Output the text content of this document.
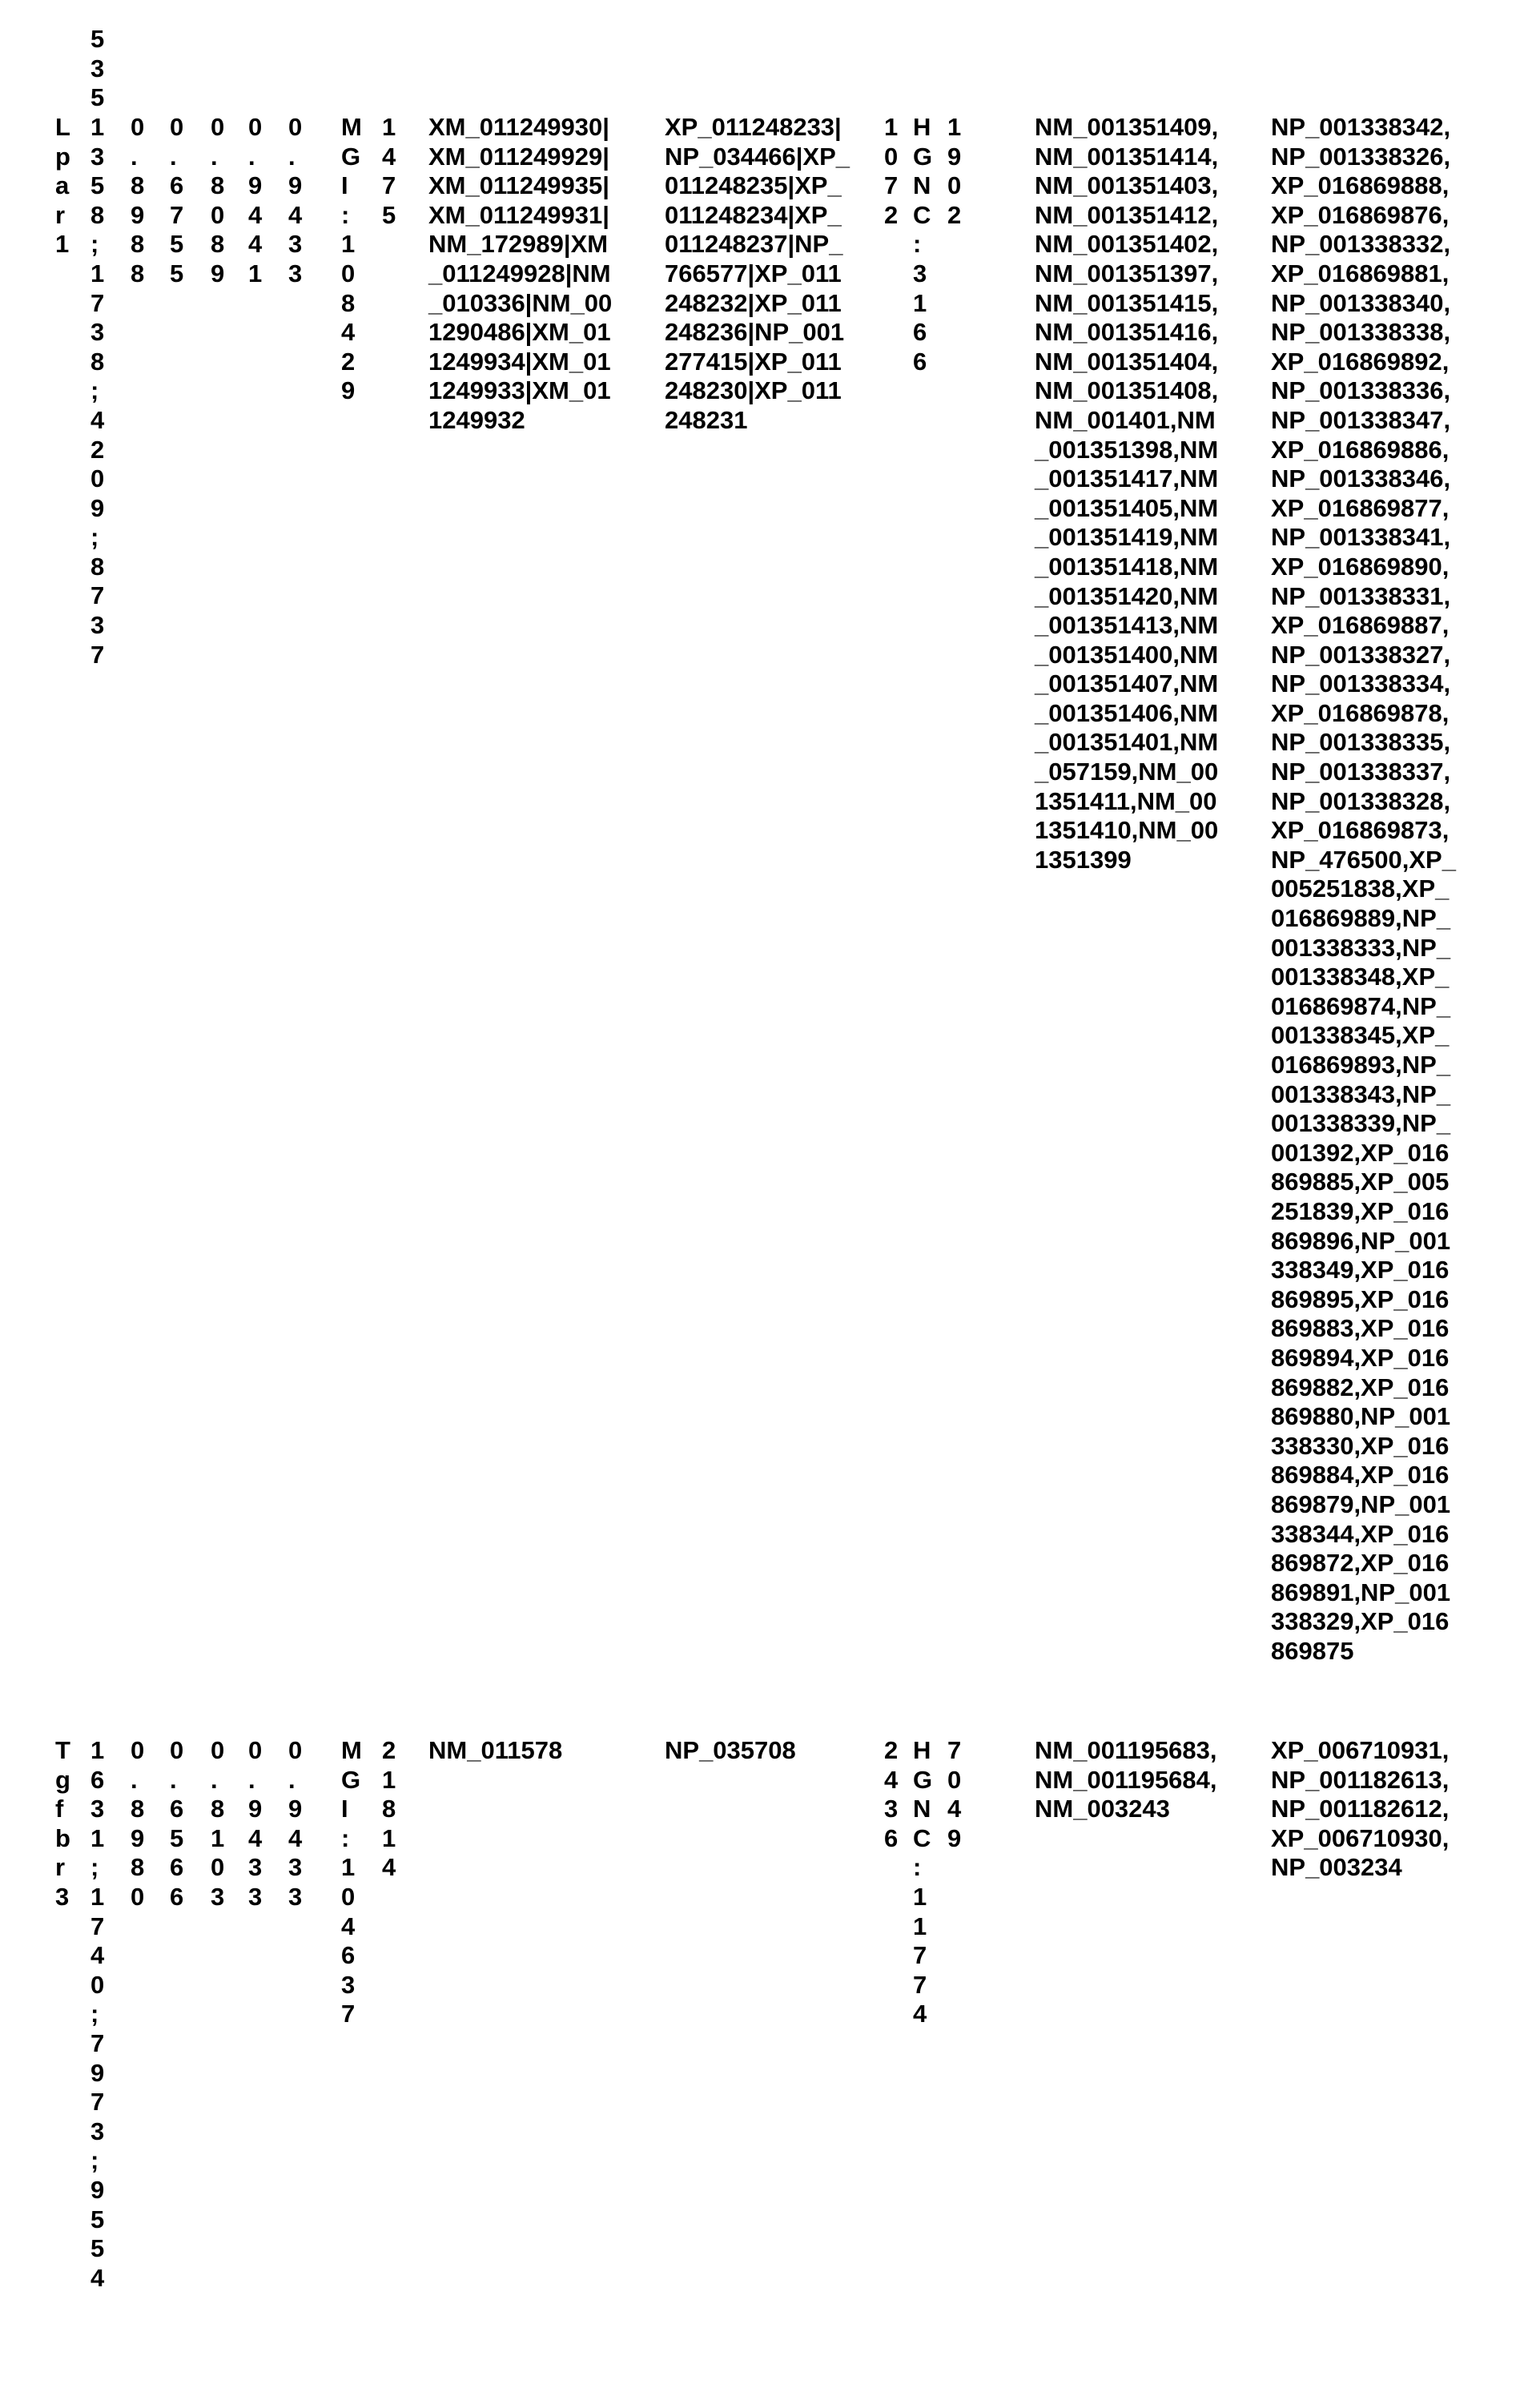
L
p
a
r
1
5
3
5
1
3
5
8
;
1
7
3
8
;
4
2
0
9
;
8
7
3
7
0
.
8
9
8
8
0
.
6
7
5
5
0
.
8
0
8
9
0
.
9
4
4
1
0
.
9
4
3
3
M
G
I
:
1
0
8
4
2
9
1
4
7
5
XM_011249930|
XM_011249929|
XM_011249935|
XM_011249931|
NM_172989|XM
_011249928|NM
_010336|NM_00
1290486|XM_01
1249934|XM_01
1249933|XM_01
1249932
XP_011248233|
NP_034466|XP_
011248235|XP_
011248234|XP_
011248237|NP_
766577|XP_011
248232|XP_011
248236|NP_001
277415|XP_011
248230|XP_011
248231
1
0
7
2
H
G
N
C
:
3
1
6
6
1
9
0
2
NM_001351409,
NM_001351414,
NM_001351403,
NM_001351412,
NM_001351402,
NM_001351397,
NM_001351415,
NM_001351416,
NM_001351404,
NM_001351408,
NM_001401,NM
_001351398,NM
_001351417,NM
_001351405,NM
_001351419,NM
_001351418,NM
_001351420,NM
_001351413,NM
_001351400,NM
_001351407,NM
_001351406,NM
_001351401,NM
_057159,NM_00
1351411,NM_00
1351410,NM_00
1351399
NP_001338342,
NP_001338326,
XP_016869888,
XP_016869876,
NP_001338332,
XP_016869881,
NP_001338340,
NP_001338338,
XP_016869892,
NP_001338336,
NP_001338347,
XP_016869886,
NP_001338346,
XP_016869877,
NP_001338341,
XP_016869890,
NP_001338331,
XP_016869887,
NP_001338327,
NP_001338334,
XP_016869878,
NP_001338335,
NP_001338337,
NP_001338328,
XP_016869873,
NP_476500,XP_
005251838,XP_
016869889,NP_
001338333,NP_
001338348,XP_
016869874,NP_
001338345,XP_
016869893,NP_
001338343,NP_
001338339,NP_
001392,XP_016
869885,XP_005
251839,XP_016
869896,NP_001
338349,XP_016
869895,XP_016
869883,XP_016
869894,XP_016
869882,XP_016
869880,NP_001
338330,XP_016
869884,XP_016
869879,NP_001
338344,XP_016
869872,XP_016
869891,NP_001
338329,XP_016
869875
T
g
f
b
r
3
1
6
3
1
;
1
7
4
0
;
7
9
7
3
;
9
5
5
4
0
.
8
9
8
0
0
.
6
5
6
6
0
.
8
1
0
3
0
.
9
4
3
3
0
.
9
4
3
3
M
G
I
:
1
0
4
6
3
7
2
1
8
1
4
NM_011578	NP_035708	2
4
3
6
H
G
N
C
:
1
1
7
7
4
7
0
4
9
NM_001195683,
NM_001195684,
NM_003243
XP_006710931,
NP_001182613,
NP_001182612,
XP_006710930,
NP_003234
